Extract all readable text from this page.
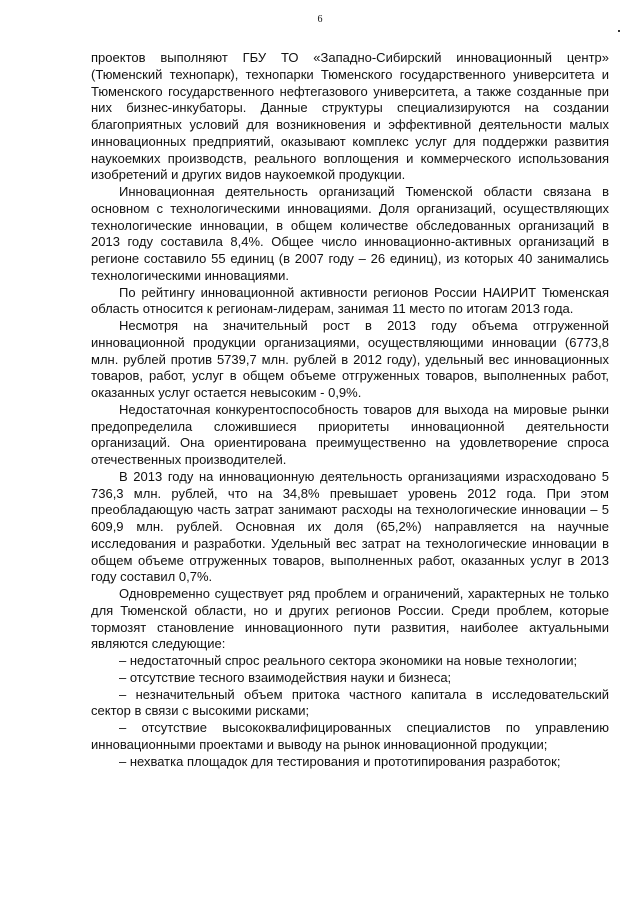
6

проектов выполняют ГБУ ТО «Западно-Сибирский инновационный центр» (Тюменский технопарк), технопарки Тюменского государственного университета и Тюменского государственного нефтегазового университета, а также созданные при них бизнес-инкубаторы. Данные структуры специализируются на создании благоприятных условий для возникновения и эффективной деятельности малых инновационных предприятий, оказывают комплекс услуг для поддержки развития наукоемких производств, реального воплощения и коммерческого использования изобретений и других видов наукоемкой продукции.

Инновационная деятельность организаций Тюменской области связана в основном с технологическими инновациями. Доля организаций, осуществляющих технологические инновации, в общем количестве обследованных организаций в 2013 году составила 8,4%. Общее число инновационно-активных организаций в регионе составило 55 единиц (в 2007 году – 26 единиц), из которых 40 занимались технологическими инновациями.

По рейтингу инновационной активности регионов России НАИРИТ Тюменская область относится к регионам-лидерам, занимая 11 место по итогам 2013 года.

Несмотря на значительный рост в 2013 году объема отгруженной инновационной продукции организациями, осуществляющими инновации (6773,8 млн. рублей против 5739,7 млн. рублей в 2012 году), удельный вес инновационных товаров, работ, услуг в общем объеме отгруженных товаров, выполненных работ, оказанных услуг остается невысоким - 0,9%.

Недостаточная конкурентоспособность товаров для выхода на мировые рынки предопределила сложившиеся приоритеты инновационной деятельности организаций. Она ориентирована преимущественно на удовлетворение спроса отечественных производителей.

В 2013 году на инновационную деятельность организациями израсходовано 5 736,3 млн. рублей, что на 34,8% превышает уровень 2012 года. При этом преобладающую часть затрат занимают расходы на технологические инновации – 5 609,9 млн. рублей. Основная их доля (65,2%) направляется на научные исследования и разработки. Удельный вес затрат на технологические инновации в общем объеме отгруженных товаров, выполненных работ, оказанных услуг в 2013 году составил 0,7%.

Одновременно существует ряд проблем и ограничений, характерных не только для Тюменской области, но и других регионов России. Среди проблем, которые тормозят становление инновационного пути развития, наиболее актуальными являются следующие:

– недостаточный спрос реального сектора экономики на новые технологии;

– отсутствие тесного взаимодействия науки и бизнеса;

– незначительный объем притока частного капитала в исследовательский сектор в связи с высокими рисками;

– отсутствие высококвалифицированных специалистов по управлению инновационными проектами и выводу на рынок инновационной продукции;

– нехватка площадок для тестирования и прототипирования разработок;
